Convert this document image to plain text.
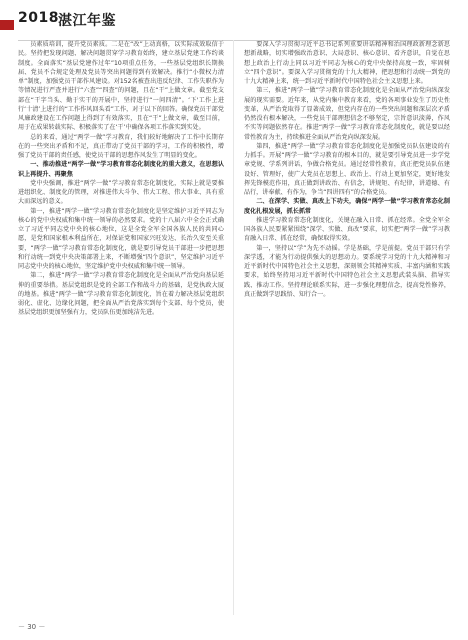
2018 湛江年鉴

员素质培训，提升党员素质。二是在“改”上动真格，以实际成效取信于民。坚持把发现问题、解决问题贯穿学习教育始终，建立基层党建工作约谈制度。全面落实“基层党建作过年”10项重点任务，一些基层党组织长期换届、党员不合规定处理及党员等突出问题得到有效解决。推行“小微权力清单”制度，加强党员干部作风建设。对152名被查出违反纪律、工作失职作为等情况进行严查并进行“六查”“四查”的问题，且在“干”上做文章。截至党支部在“干字当头、勤于实干的开展中，坚持进行“一问四清”。‘下'工作上进行‘十清’上进行的“工作作风回头看”工作，对于以下的回答。确保党员干部党风廉政建设在工作问题上得到了有效落实，且在“干”上做文章，截至目前，用于在成果转载实际、积极落实了在‘干’中确保各项工作落实到实处。

总的来看，通过“两学一做”学习教育，我们较好地解决了工作中长期存在的一些突出矛盾和不足，真正带动了党员干部的学习，工作的积极性，增强了党员干部的责任感，使党员干部的思想作风发生了明显的变化。

一、推动推进“两学一做”学习教育常态化制度化的重大意义，在思想认识上再提升、再聚焦

党中央强调，推进“两学一做”学习教育常态化制度化，实际上就是要推进组织化、制度化的管理，对推进伟大斗争、伟大工程、伟大事业、具有重大而深远的意义。

第一，推进“两学一做”学习教育常态化制度化是坚定维护习近平同志为核心的党中央权威和集中统一领导的必然要求。党的十八届六中全会正式确立了习近平同志党中央的核心地位，这是全党全军全国各族人民的共同心愿，是党和国家根本利益所在，对保证党和国家兴旺发达、长治久安至关重要，“两学一做”学习教育常态化制度化，就是要引导党员干部进一步把思想和行动统一到党中央决策部署上来，不断增强“四个意识”，坚定维护习近平同志党中央的核心地位，坚定维护党中央权威和集中统一领导。

第二，推进“两学一做”学习教育常态化制度化是全面从严治党向基层延伸的重要举措。基层党组织是党的全部工作和战斗力的基础，是党执政大厦的地基。推进“两学一做”学习教育常态化制度化，旨在着力解决基层党组织弱化、虚化、边缘化问题，把全面从严治党落实到每个支部、每个党员，使基层党组织更加坚强有力，党员队伍更加纯洁先进。

要深入学习贯彻习近平总书记系列重要讲话精神和治国理政新理念新思想新战略，切实增强政治意识、大局意识、核心意识、看齐意识，自觉在思想上政治上行动上同以习近平同志为核心的党中央保持高度一致，牢固树立“四个意识”。要深入学习贯彻党的十九大精神，把思想和行动统一到党的十九大精神上来，统一到习近平新时代中国特色社会主义思想上来。

第三，推进“两学一做”学习教育常态化制度化是全面从严治党向纵深发展的现实需要。近年来，从党内集中教育来看，党的各项事业发生了历史性变革，从严治党取得了显著成效，但党内存在的一些突出问题和深层次矛盾仍然没有根本解决，一些党员干部理想信念不够坚定，宗旨意识淡薄，作风不实等问题依然存在。推进“两学一做”学习教育常态化制度化，就是要以经常性教育为主，持续推进全面从严治党向纵深发展。

第四，推进“两学一做”学习教育常态化制度化是加强党员队伍建设的有力抓手。开展“两学一做”学习教育的根本目的，就是要引导党员进一步学党章党规、学系列讲话，争做合格党员。通过经常性教育，真正把党员队伍建设好、管理好，使广大党员在思想上、政治上、行动上更加坚定，更好地发挥先锋模范作用，真正做到讲政治、有信念，讲规矩、有纪律，讲道德、有品行，讲奉献、有作为，争当“四讲四有”的合格党员。

二、在深学、实做、真改上下功夫，确保“两学一做”学习教育常态化制度化扎根发展，抓长抓常

推进学习教育常态化制度化，关键在融入日常、抓在经常。全党全军全国各族人民要紧紧围绕“深学、实做、真改”要求，切实把“两学一做”学习教育融入日常、抓在经常，确保取得实效。

第一，坚持以“学”为先不动摇。学是基础，学是前提。党员干部只有学深学透，才能为行动提供强大的思想动力。要系统学习党的十九大精神和习近平新时代中国特色社会主义思想，深刻领会其精神实质、丰富内涵和实践要求，始终坚持用习近平新时代中国特色社会主义思想武装头脑、指导实践、推动工作。坚持理论联系实际，进一步强化理想信念，提高党性修养，真正做到学思践悟、知行合一。

－ 30 －
